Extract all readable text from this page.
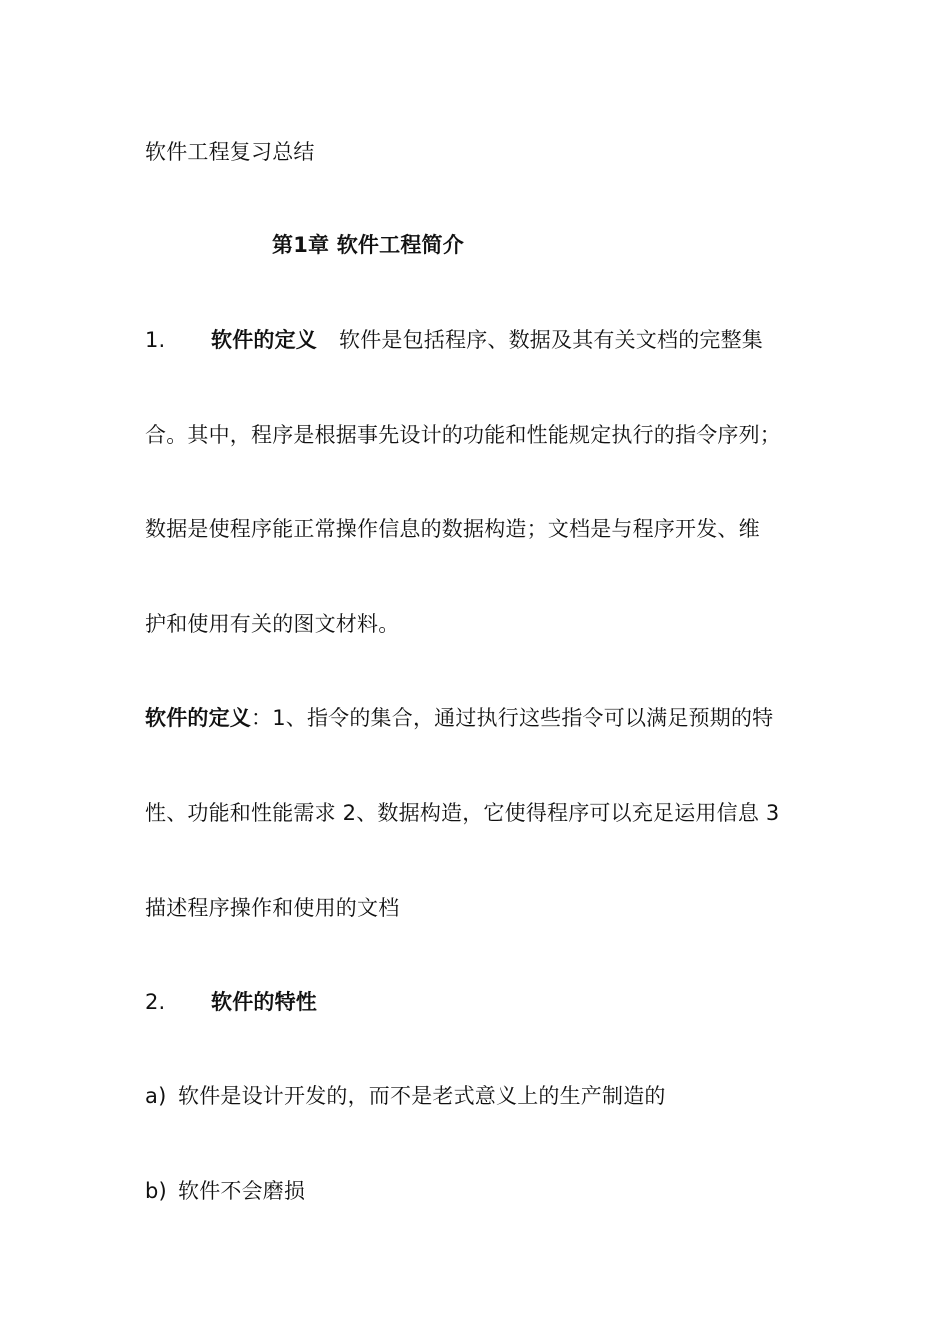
软件工程复习总结
第1章 软件工程简介
1. 软件的定义 软件是包括程序、数据及其有关文档的完整集
合。其中，程序是根据事先设计的功能和性能规定执行的指令序列；
数据是使程序能正常操作信息的数据构造；文档是与程序开发、维
护和使用有关的图文材料。
软件的定义：1、指令的集合，通过执行这些指令可以满足预期的特
性、功能和性能需求 2、数据构造，它使得程序可以充足运用信息 3
描述程序操作和使用的文档
2. 软件的特性
a) 软件是设计开发的，而不是老式意义上的生产制造的
b) 软件不会磨损
